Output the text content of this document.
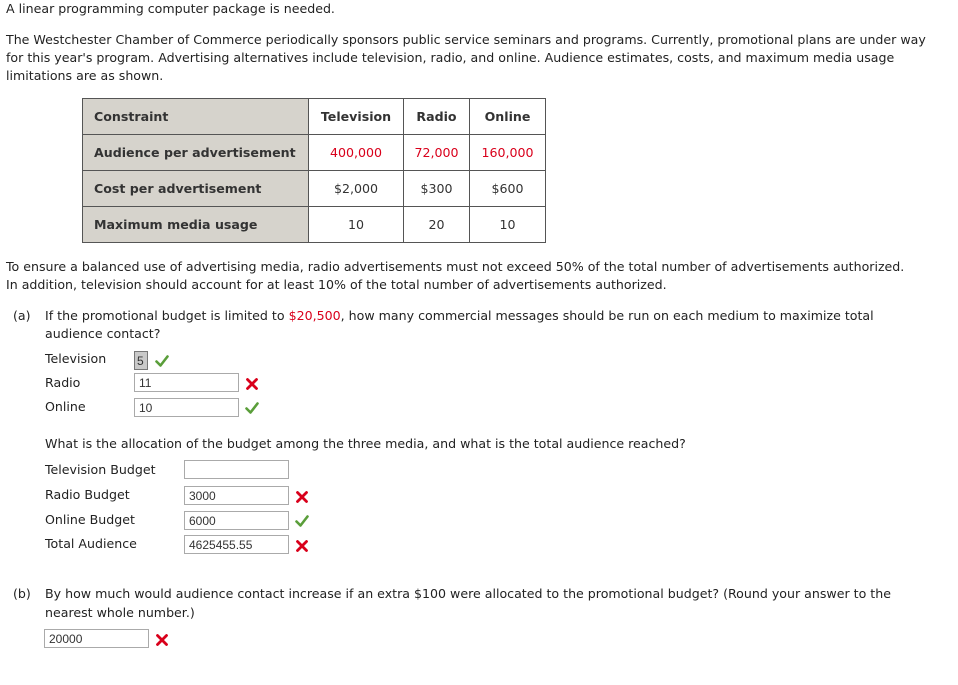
A linear programming computer package is needed.
The Westchester Chamber of Commerce periodically sponsors public service seminars and programs. Currently, promotional plans are under way for this year's program. Advertising alternatives include television, radio, and online. Audience estimates, costs, and maximum media usage limitations are as shown.
Constraint	Television	Radio	Online
Audience per advertisement	400,000	72,000	160,000
Cost per advertisement	$2,000	$300	$600
Maximum media usage	10	20	10
To ensure a balanced use of advertising media, radio advertisements must not exceed 50% of the total number of advertisements authorized.
In addition, television should account for at least 10% of the total number of advertisements authorized.
(a) If the promotional budget is limited to $20,500, how many commercial messages should be run on each medium to maximize total
audience contact?
Television	5
Radio	11
Online	10
What is the allocation of the budget among the three media, and what is the total audience reached?
Television Budget
Radio Budget	3000
Online Budget	6000
Total Audience	4625455.55
(b) By how much would audience contact increase if an extra $100 were allocated to the promotional budget? (Round your answer to the
nearest whole number.)
20000
